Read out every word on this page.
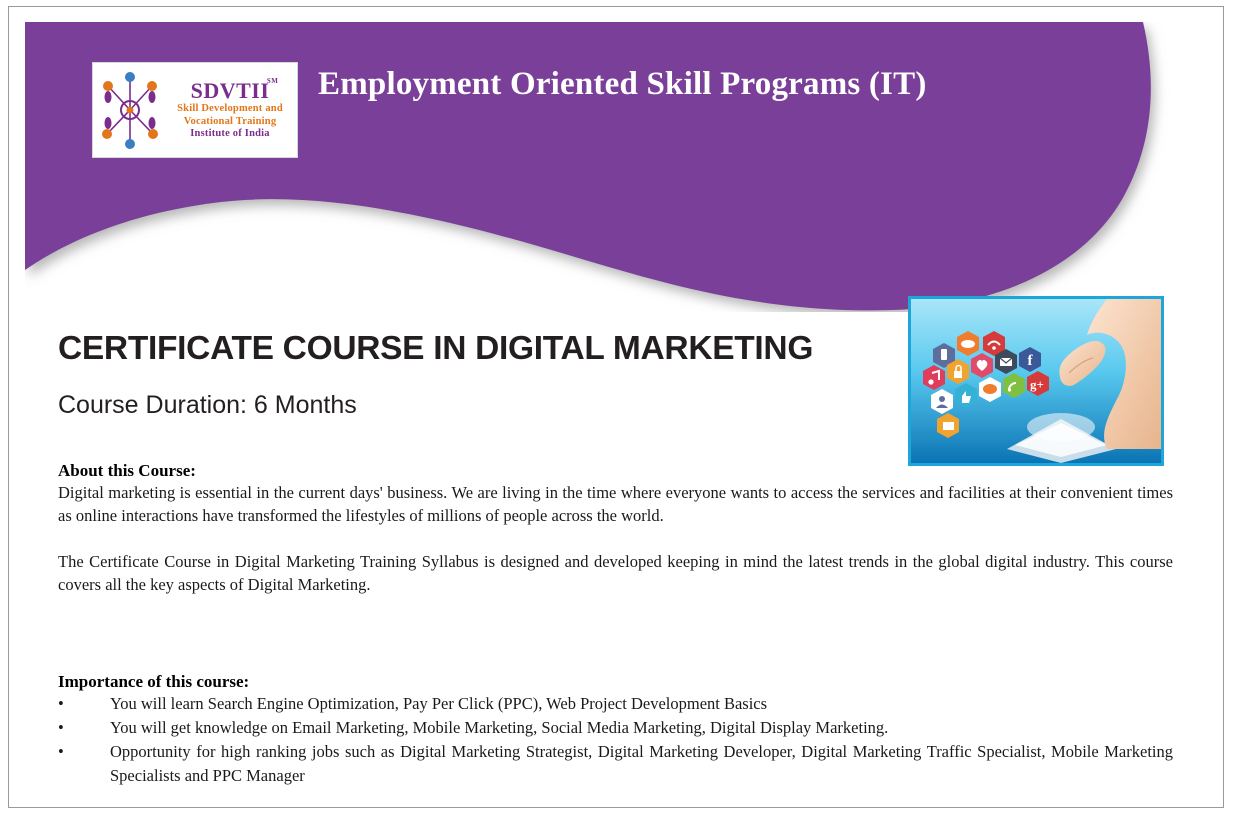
SDVTII
SM
Skill Development and
Vocational Training
Institute of India
Employment Oriented Skill Programs (IT)
CERTIFICATE COURSE IN DIGITAL MARKETING
Course Duration: 6 Months
f
g+
About this Course:
Digital marketing is essential in the current days' business. We are living in the time where everyone wants to access the services and facilities at their convenient times as online interactions have transformed the lifestyles of millions of people across the world.
The Certificate Course in Digital Marketing Training Syllabus is designed and developed keeping in mind the latest trends in the global digital industry. This course covers all the key aspects of Digital Marketing.
Importance of this course:
•	You will learn Search Engine Optimization, Pay Per Click (PPC), Web Project Development Basics
•	You will get knowledge on Email Marketing, Mobile Marketing, Social Media Marketing, Digital Display Marketing.
•	Opportunity for high ranking jobs such as Digital Marketing Strategist, Digital Marketing Developer, Digital Marketing Traffic Specialist, Mobile Marketing Specialists and PPC Manager
